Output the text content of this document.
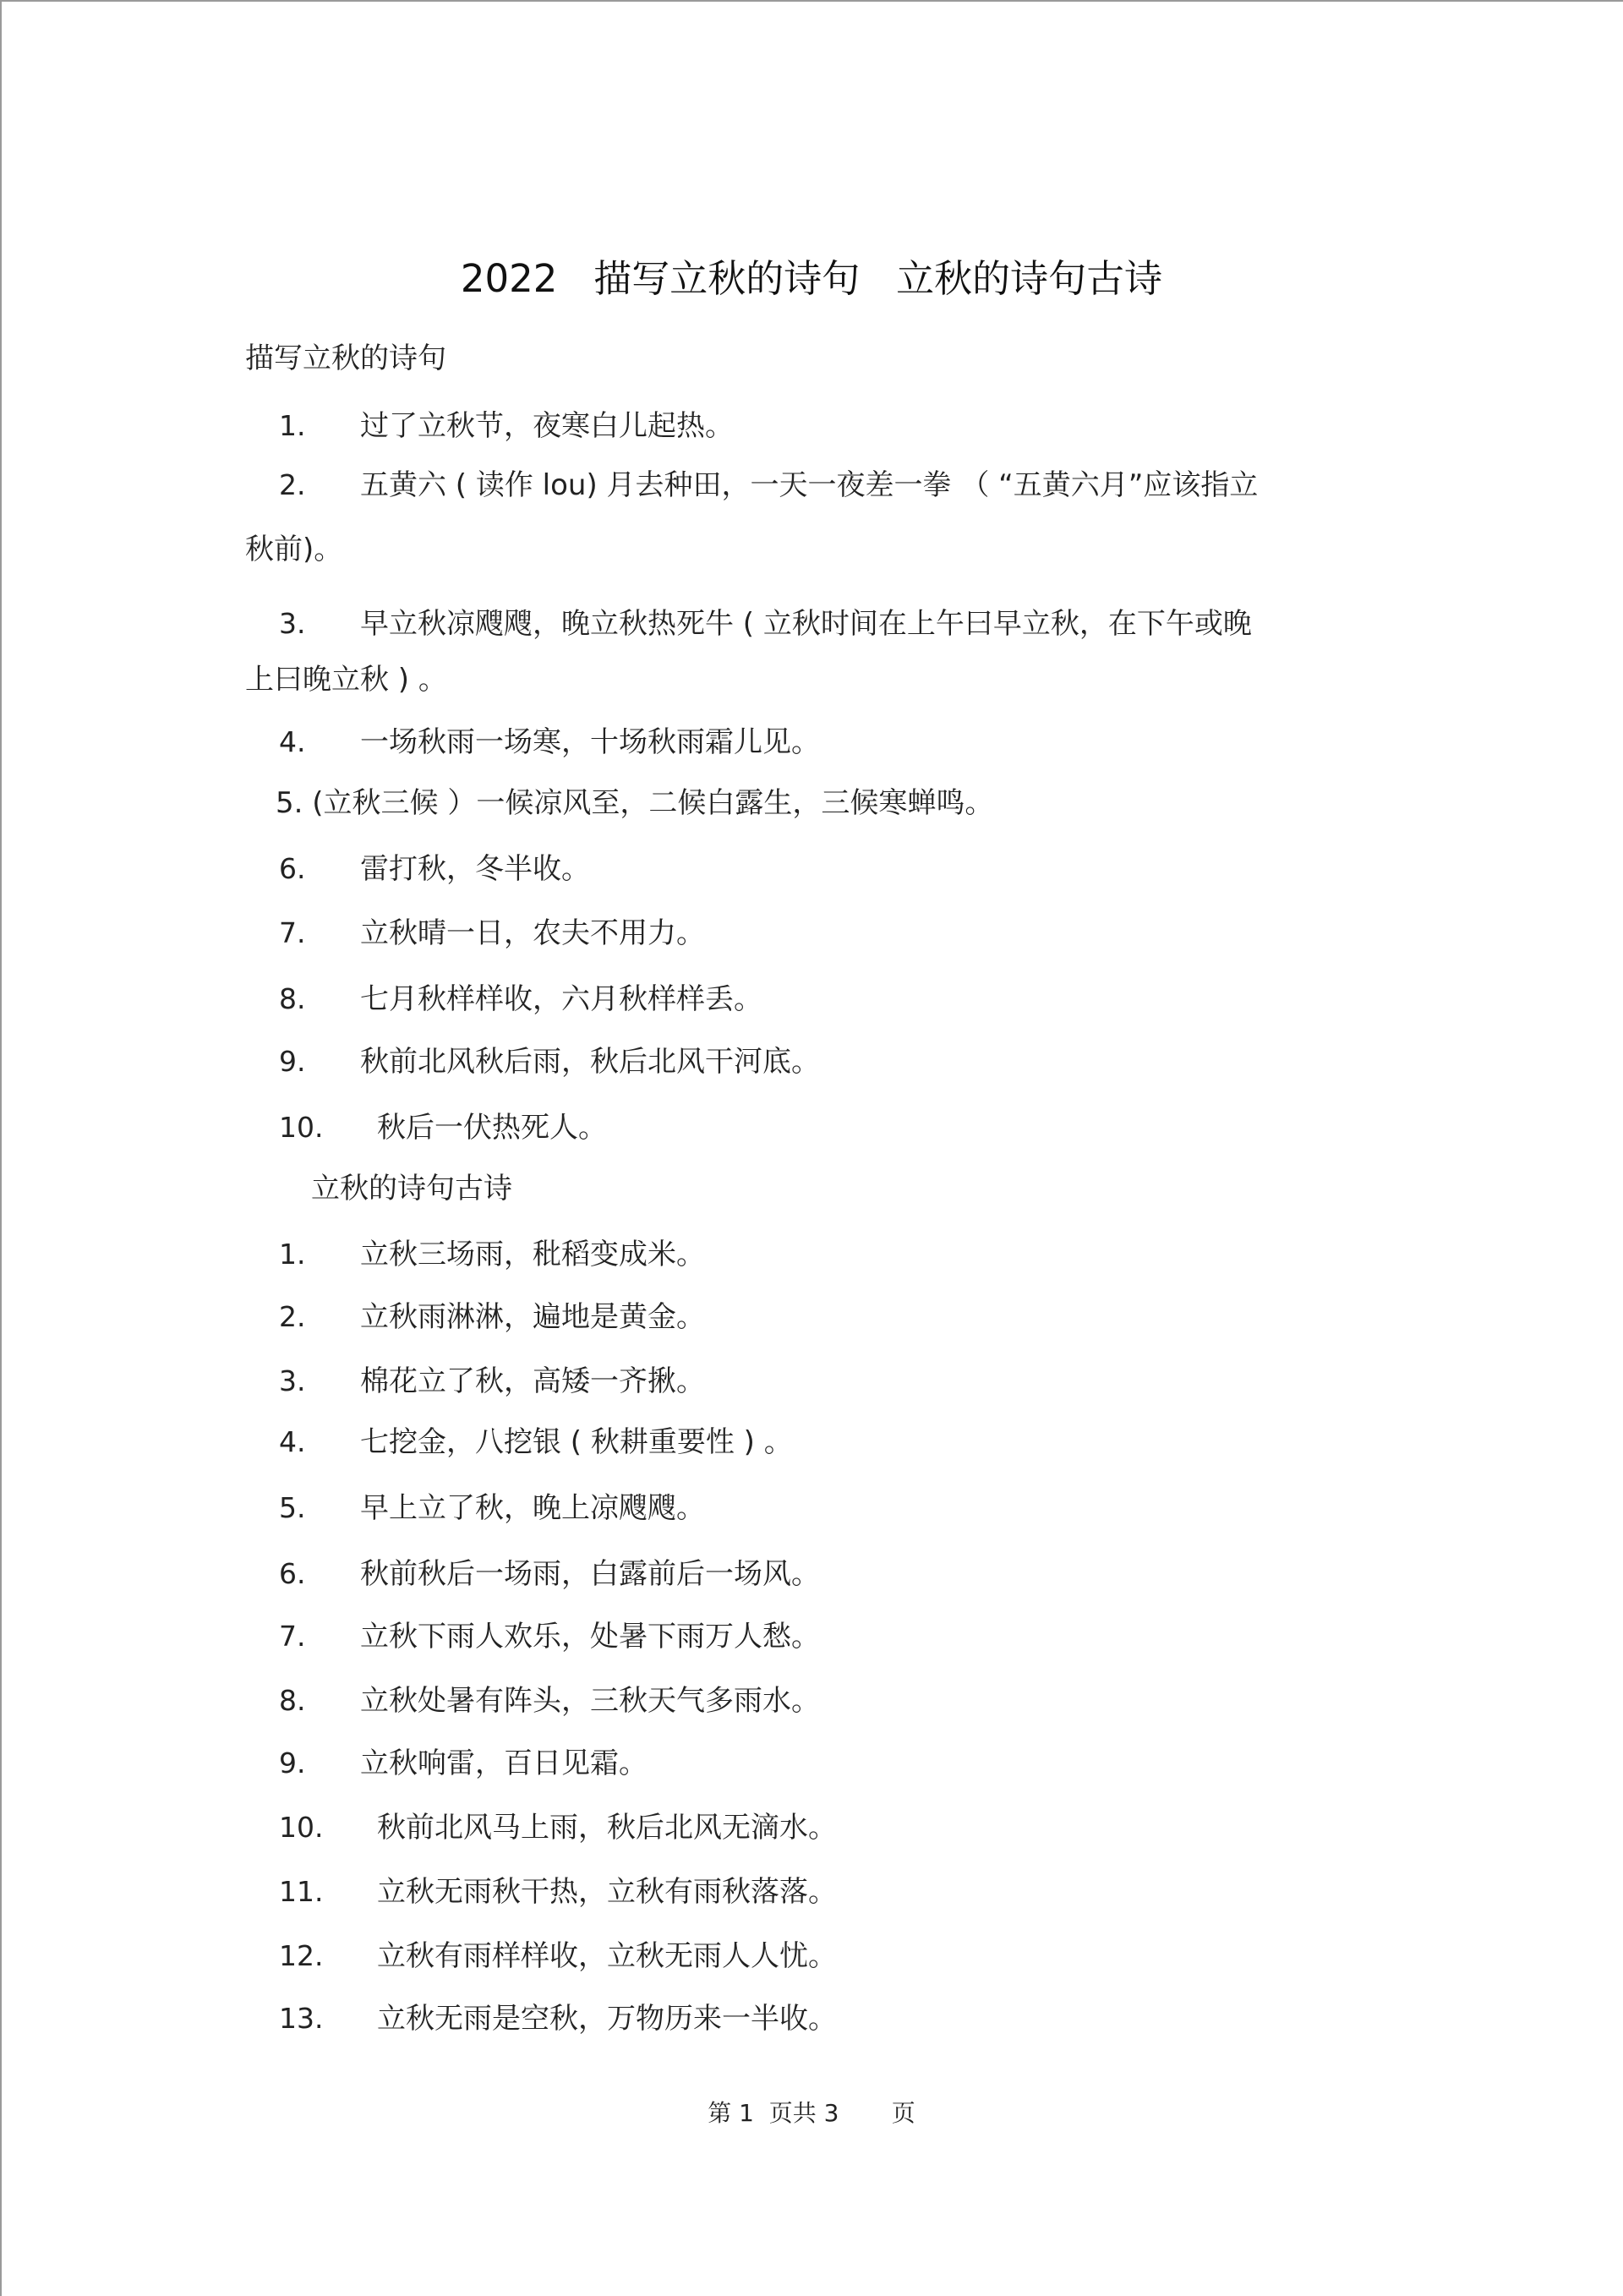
2022   描写立秋的诗句   立秋的诗句古诗
描写立秋的诗句
1. 过了立秋节，夜寒白儿起热。
2. 五黄六 ( 读作 lou) 月去种田，一天一夜差一拳 （ “五黄六月”应该指立
秋前)。
3. 早立秋凉飕飕，晚立秋热死牛 ( 立秋时间在上午曰早立秋，在下午或晚
上曰晚立秋 ) 。
4. 一场秋雨一场寒，十场秋雨霜儿见。
5. (立秋三候 ）一候凉风至，二候白露生，三候寒蝉鸣。
6. 雷打秋，冬半收。
7. 立秋晴一日，农夫不用力。
8. 七月秋样样收，六月秋样样丢。
9. 秋前北风秋后雨，秋后北风干河底。
10. 秋后一伏热死人。
立秋的诗句古诗
1. 立秋三场雨，秕稻变成米。
2. 立秋雨淋淋，遍地是黄金。
3. 棉花立了秋，高矮一齐揪。
4. 七挖金，八挖银 ( 秋耕重要性 ) 。
5. 早上立了秋，晚上凉飕飕。
6. 秋前秋后一场雨，白露前后一场风。
7. 立秋下雨人欢乐，处暑下雨万人愁。
8. 立秋处暑有阵头，三秋天气多雨水。
9. 立秋响雷，百日见霜。
10. 秋前北风马上雨，秋后北风无滴水。
11. 立秋无雨秋干热，立秋有雨秋落落。
12. 立秋有雨样样收，立秋无雨人人忧。
13. 立秋无雨是空秋，万物历来一半收。
第 1  页共 3       页
